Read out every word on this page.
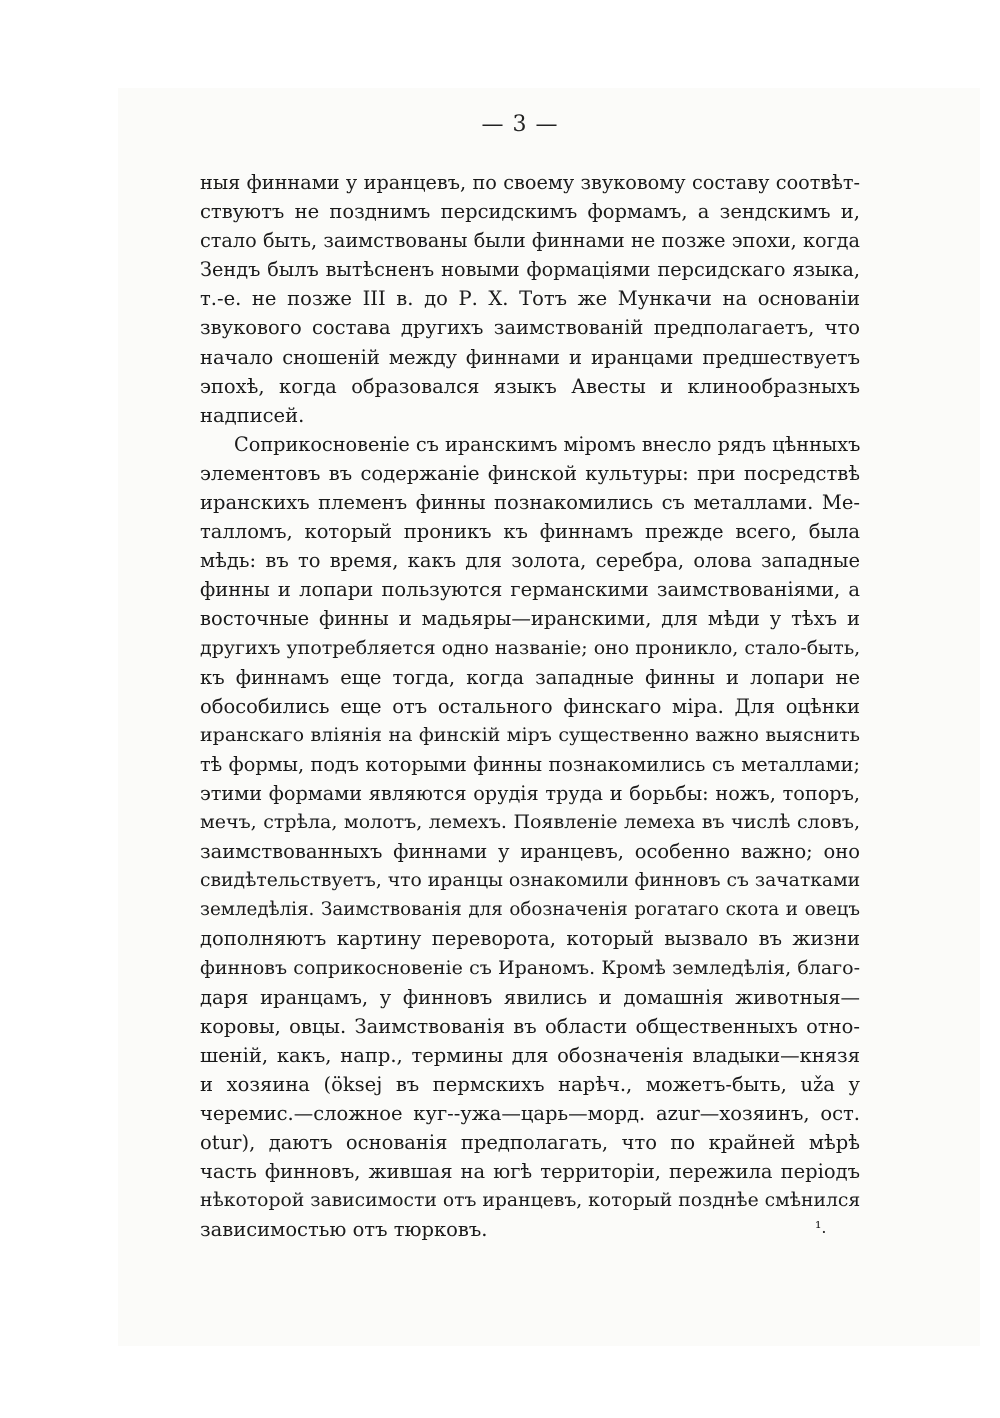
— 3 —
ныя финнами у иранцевъ, по своему звуковому составу соотвѣт-
ствуютъ не позднимъ персидскимъ формамъ, а зендскимъ и,
стало быть, заимствованы были финнами не позже эпохи, когда
Зендъ былъ вытѣсненъ новыми формаціями персидскаго языка,
т.-е. не позже III в. до Р. Х. Тотъ же Мункачи на основаніи
звукового состава другихъ заимствованій предполагаетъ, что
начало сношеній между финнами и иранцами предшествуетъ
эпохѣ, когда образовался языкъ Авесты и клинообразныхъ
надписей.
Соприкосновеніе съ иранскимъ міромъ внесло рядъ цѣнныхъ
элементовъ въ содержаніе финской культуры: при посредствѣ
иранскихъ племенъ финны познакомились съ металлами. Ме-
талломъ, который проникъ къ финнамъ прежде всего, была
мѣдь: въ то время, какъ для золота, серебра, олова западные
финны и лопари пользуются германскими заимствованіями, а
восточные финны и мадьяры—иранскими, для мѣди у тѣхъ и
другихъ употребляется одно названіе; оно проникло, стало-быть,
къ финнамъ еще тогда, когда западные финны и лопари не
обособились еще отъ остального финскаго міра. Для оцѣнки
иранскаго вліянія на финскій міръ существенно важно выяснить
тѣ формы, подъ которыми финны познакомились съ металлами;
этими формами являются орудія труда и борьбы: ножъ, топоръ,
мечъ, стрѣла, молотъ, лемехъ. Появленіе лемеха въ числѣ словъ,
заимствованныхъ финнами у иранцевъ, особенно важно; оно
свидѣтельствуетъ, что иранцы ознакомили финновъ съ зачатками
земледѣлія. Заимствованія для обозначенія рогатаго скота и овецъ
дополняютъ картину переворота, который вызвало въ жизни
финновъ соприкосновеніе съ Ираномъ. Кромѣ земледѣлія, благо-
даря иранцамъ, у финновъ явились и домашнія животныя—
коровы, овцы. Заимствованія въ области общественныхъ отно-
шеній, какъ, напр., термины для обозначенія владыки—князя
и хозяина (öksej въ пермскихъ нарѣч., можетъ-быть, uža у
черемис.—сложное куг--ужа—царь—морд. azur—хозяинъ, ост.
otur), даютъ основанія предполагать, что по крайней мѣрѣ
часть финновъ, жившая на югѣ территоріи, пережила періодъ
нѣкоторой зависимости отъ иранцевъ, который позднѣе смѣнился
зависимостью отъ тюрковъ.	¹.
